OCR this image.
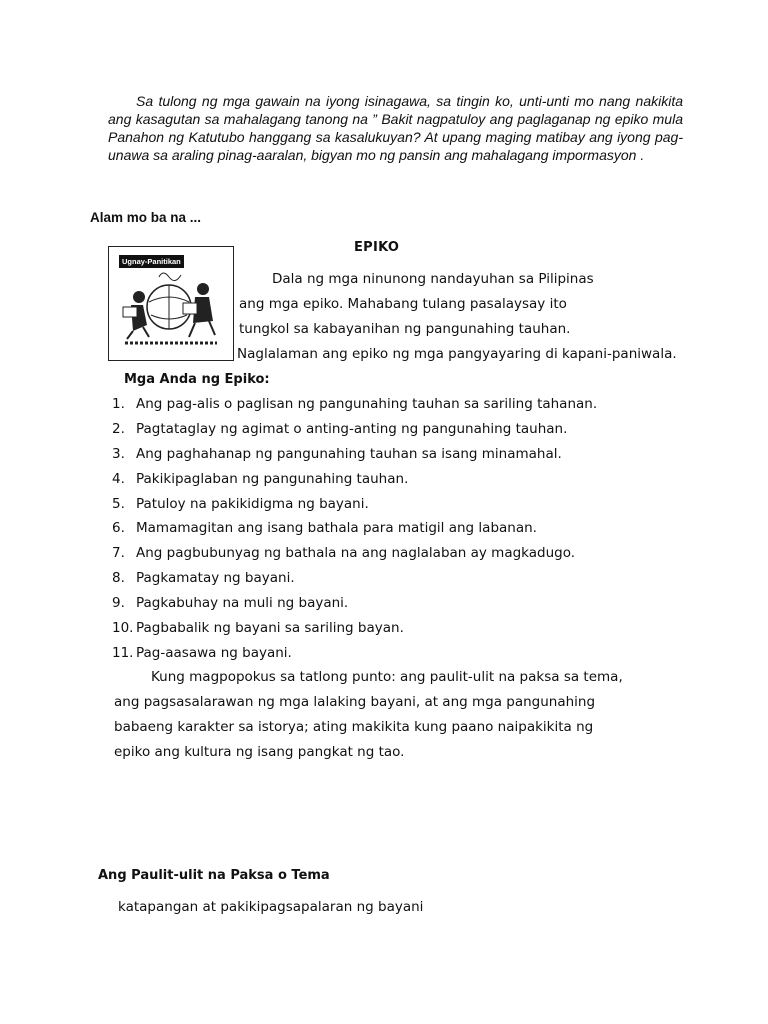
Sa tulong ng mga gawain na iyong isinagawa, sa tingin ko, unti-unti mo nang nakikita ang kasagutan sa mahalagang tanong na ” Bakit nagpatuloy ang paglaganap ng epiko mula Panahon ng Katutubo hanggang sa kasalukuyan? At upang maging matibay ang iyong pag-unawa sa araling pinag-aaralan, bigyan mo ng pansin ang mahalagang impormasyon .

Alam mo ba na ...
EPIKO
Ugnay-Panitikan
Dala ng mga ninunong nandayuhan sa Pilipinas
ang mga epiko. Mahabang tulang pasalaysay ito
tungkol sa kabayanihan ng pangunahing tauhan.
Naglalaman ang epiko ng mga pangyayaring di kapani-paniwala.
Mga Anda ng Epiko:
1. Ang pag-alis o paglisan ng pangunahing tauhan sa sariling tahanan.
2. Pagtataglay ng agimat o anting-anting ng pangunahing tauhan.
3. Ang paghahanap ng pangunahing tauhan sa isang minamahal.
4. Pakikipaglaban ng pangunahing tauhan.
5. Patuloy na pakikidigma ng bayani.
6. Mamamagitan ang isang bathala para matigil ang labanan.
7. Ang pagbubunyag ng bathala na ang naglalaban ay magkadugo.
8. Pagkamatay ng bayani.
9. Pagkabuhay na muli ng bayani.
10. Pagbabalik ng bayani sa sariling bayan.
11. Pag-aasawa ng bayani.
Kung magpopokus sa tatlong punto: ang paulit-ulit na paksa sa tema,
ang pagsasalarawan ng mga lalaking bayani, at ang mga pangunahing
babaeng karakter sa istorya; ating makikita kung paano naipakikita ng
epiko ang kultura ng isang pangkat ng tao.
Ang Paulit-ulit na Paksa o Tema
katapangan at pakikipagsapalaran ng bayani
